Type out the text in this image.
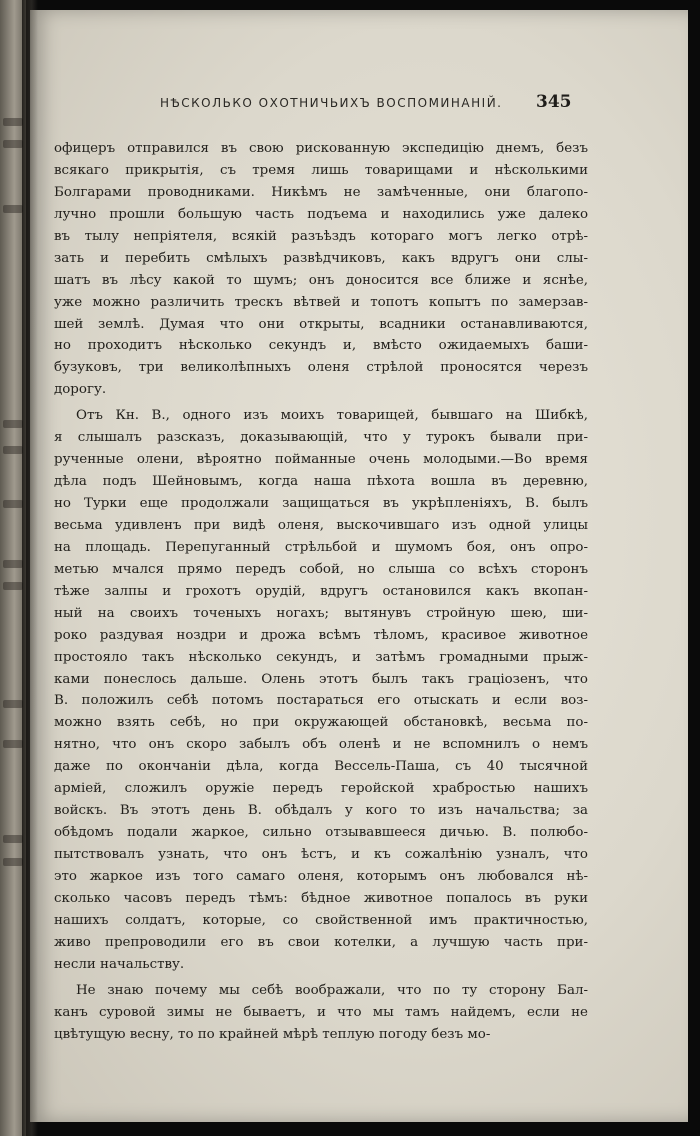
НѢСКОЛЬКО ОХОТНИЧЬИХЪ ВОСПОМИНАНІЙ. 345
офицеръ отправился въ свою рискованную экспедицію днемъ, безъ
всякаго прикрытія, съ тремя лишь товарищами и нѣсколькими
Болгарами проводниками. Никѣмъ не замѣченные, они благопо-
лучно прошли большую часть подъема и находились уже далеко
въ тылу непріятеля, всякій разъѣздъ котораго могъ легко отрѣ-
зать и перебить смѣлыхъ развѣдчиковъ, какъ вдругъ они слы-
шатъ въ лѣсу какой то шумъ; онъ доносится все ближе и яснѣе,
уже можно различить трескъ вѣтвей и топотъ копытъ по замерзав-
шей землѣ. Думая что они открыты, всадники останавливаются,
но проходитъ нѣсколько секундъ и, вмѣсто ожидаемыхъ баши-
бузуковъ, три великолѣпныхъ оленя стрѣлой проносятся черезъ
дорогу.
Отъ Кн. В., одного изъ моихъ товарищей, бывшаго на Шибкѣ,
я слышалъ разсказъ, доказывающій, что у турокъ бывали при-
рученные олени, вѣроятно пойманные очень молодыми.—Во время
дѣла подъ Шейновымъ, когда наша пѣхота вошла въ деревню,
но Турки еще продолжали защищаться въ укрѣпленіяхъ, В. былъ
весьма удивленъ при видѣ оленя, выскочившаго изъ одной улицы
на площадь. Перепуганный стрѣльбой и шумомъ боя, онъ опро-
метью мчался прямо передъ собой, но слыша со всѣхъ сторонъ
тѣже залпы и грохотъ орудій, вдругъ остановился какъ вкопан-
ный на своихъ точеныхъ ногахъ; вытянувъ стройную шею, ши-
роко раздувая ноздри и дрожа всѣмъ тѣломъ, красивое животное
простояло такъ нѣсколько секундъ, и затѣмъ громадными прыж-
ками понеслось дальше. Олень этотъ былъ такъ граціозенъ, что
В. положилъ себѣ потомъ постараться его отыскать и если воз-
можно взять себѣ, но при окружающей обстановкѣ, весьма по-
нятно, что онъ скоро забылъ объ оленѣ и не вспомнилъ о немъ
даже по окончаніи дѣла, когда Вессель-Паша, съ 40 тысячной
арміей, сложилъ оружіе передъ геройской храбростью нашихъ
войскъ. Въ этотъ день В. обѣдалъ у кого то изъ начальства; за
обѣдомъ подали жаркое, сильно отзывавшееся дичью. В. полюбо-
пытствовалъ узнать, что онъ ѣстъ, и къ сожалѣнію узналъ, что
это жаркое изъ того самаго оленя, которымъ онъ любовался нѣ-
сколько часовъ передъ тѣмъ: бѣдное животное попалось въ руки
нашихъ солдатъ, которые, со свойственной имъ практичностью,
живо препроводили его въ свои котелки, а лучшую часть при-
несли начальству.
Не знаю почему мы себѣ воображали, что по ту сторону Бал-
канъ суровой зимы не бываетъ, и что мы тамъ найдемъ, если не
цвѣтущую весну, то по крайней мѣрѣ теплую погоду безъ мо-
